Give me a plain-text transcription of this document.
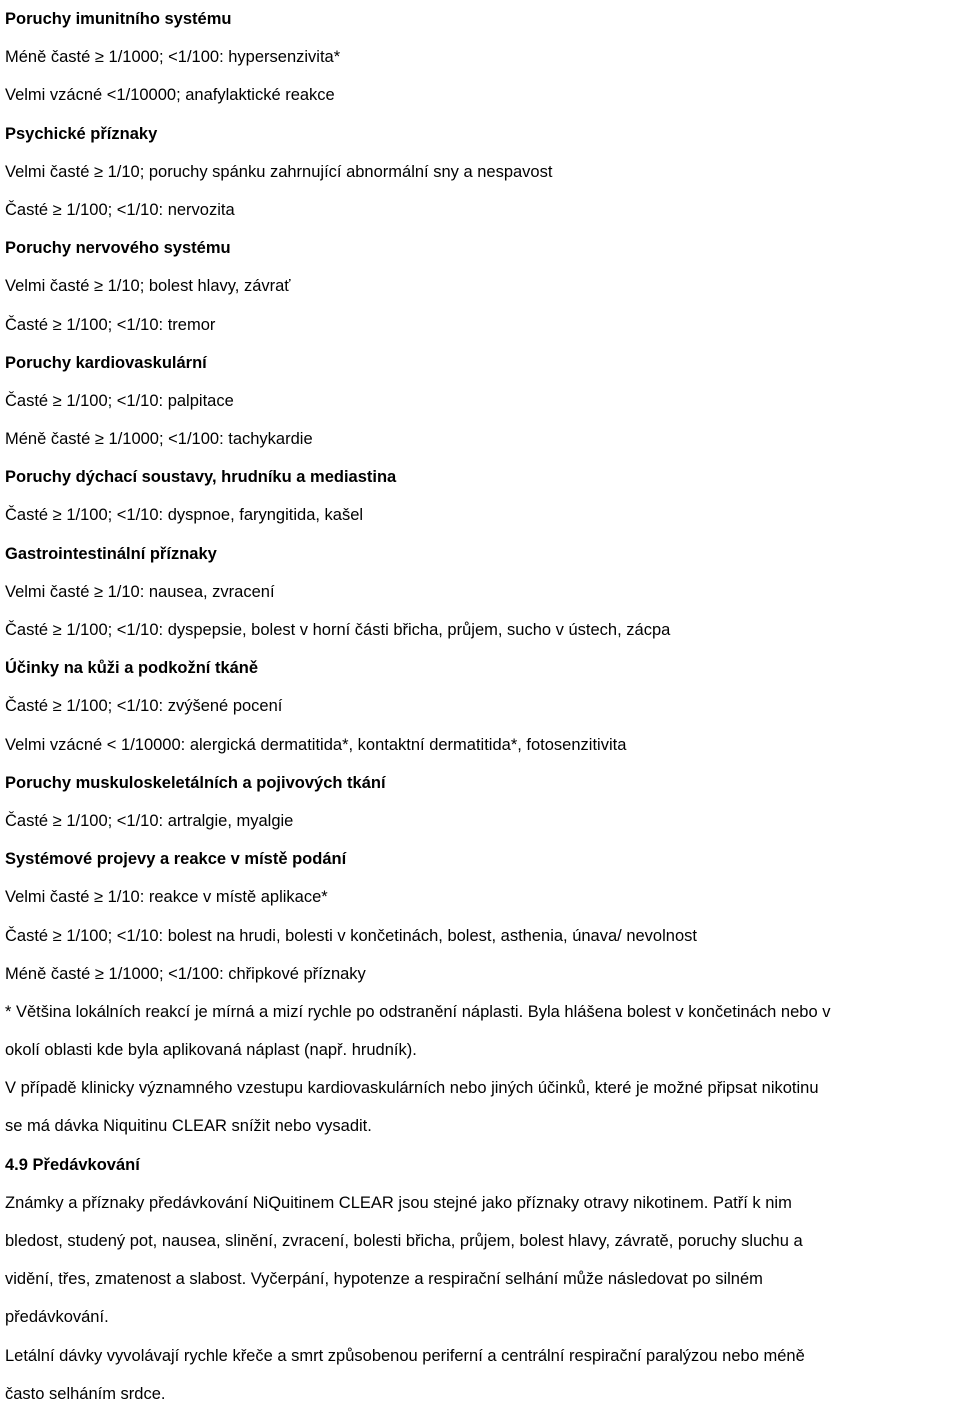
Poruchy imunitního systému
Méně časté ≥ 1/1000; <1/100: hypersenzivita*
Velmi vzácné <1/10000; anafylaktické reakce
Psychické příznaky
Velmi časté ≥ 1/10; poruchy spánku zahrnující abnormální sny a nespavost
Časté ≥ 1/100; <1/10: nervozita
Poruchy nervového systému
Velmi časté ≥ 1/10; bolest hlavy, závrať
Časté ≥ 1/100; <1/10: tremor
Poruchy kardiovaskulární
Časté ≥ 1/100; <1/10: palpitace
Méně časté ≥ 1/1000; <1/100: tachykardie
Poruchy dýchací soustavy, hrudníku a mediastina
Časté ≥ 1/100; <1/10: dyspnoe, faryngitida, kašel
Gastrointestinální příznaky
Velmi časté ≥ 1/10: nausea, zvracení
Časté ≥ 1/100; <1/10: dyspepsie, bolest v horní části břicha, průjem, sucho v ústech, zácpa
Účinky na kůži a podkožní tkáně
Časté ≥ 1/100; <1/10: zvýšené pocení
Velmi vzácné < 1/10000: alergická dermatitida*, kontaktní dermatitida*, fotosenzitivita
Poruchy muskuloskeletálních a pojivových tkání
Časté ≥ 1/100; <1/10: artralgie, myalgie
Systémové projevy a reakce v místě podání
Velmi časté ≥ 1/10: reakce v místě aplikace*
Časté ≥ 1/100; <1/10: bolest na hrudi, bolesti v končetinách, bolest, asthenia, únava/ nevolnost
Méně časté ≥ 1/1000; <1/100: chřipkové příznaky
* Většina lokálních reakcí je mírná a mizí rychle po odstranění náplasti. Byla hlášena bolest v končetinách nebo v
okolí oblasti kde byla aplikovaná náplast (např. hrudník).
V případě klinicky významného vzestupu kardiovaskulárních nebo jiných účinků, které je možné připsat nikotinu
se má dávka Niquitinu CLEAR snížit nebo vysadit.
4.9 Předávkování
Známky a příznaky předávkování NiQuitinem CLEAR jsou stejné jako příznaky otravy nikotinem. Patří k nim
bledost, studený pot, nausea, slinění, zvracení, bolesti břicha, průjem, bolest hlavy, závratě, poruchy sluchu a
vidění, třes, zmatenost a slabost. Vyčerpání, hypotenze a respirační selhání může následovat po silném
předávkování.
Letální dávky vyvolávají rychle křeče a smrt způsobenou periferní a centrální respirační paralýzou nebo méně
často selháním srdce.
